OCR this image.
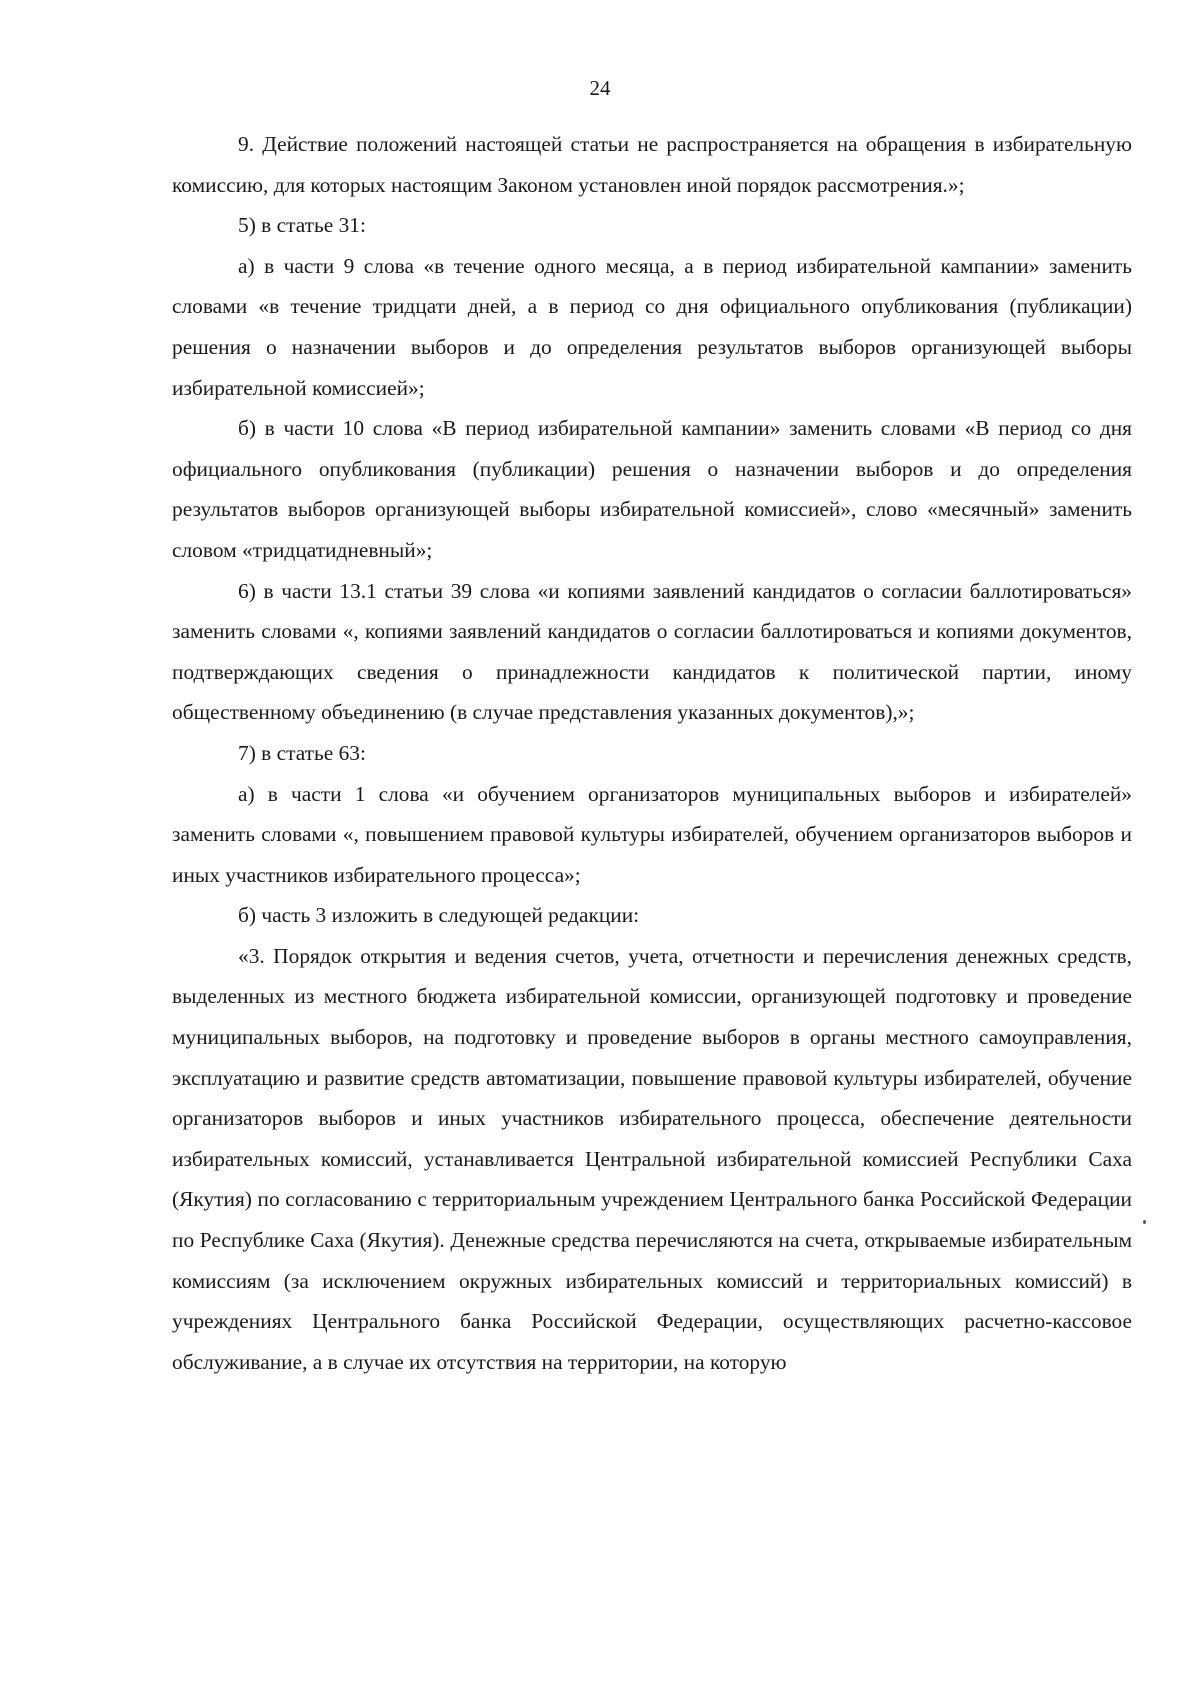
24

9. Действие положений настоящей статьи не распространяется на обращения в избирательную комиссию, для которых настоящим Законом установлен иной порядок рассмотрения.»;

5) в статье 31:

а) в части 9 слова «в течение одного месяца, а в период избирательной кампании» заменить словами «в течение тридцати дней, а в период со дня официального опубликования (публикации) решения о назначении выборов и до определения результатов выборов организующей выборы избирательной комиссией»;

б) в части 10 слова «В период избирательной кампании» заменить словами «В период со дня официального опубликования (публикации) решения о назначении выборов и до определения результатов выборов организующей выборы избирательной комиссией», слово «месячный» заменить словом «тридцатидневный»;

6) в части 13.1 статьи 39 слова «и копиями заявлений кандидатов о согласии баллотироваться» заменить словами «, копиями заявлений кандидатов о согласии баллотироваться и копиями документов, подтверждающих сведения о принадлежности кандидатов к политической партии, иному общественному объединению (в случае представления указанных документов),»;

7) в статье 63:

а) в части 1 слова «и обучением организаторов муниципальных выборов и избирателей» заменить словами «, повышением правовой культуры избирателей, обучением организаторов выборов и иных участников избирательного процесса»;

б) часть 3 изложить в следующей редакции:

«3. Порядок открытия и ведения счетов, учета, отчетности и перечисления денежных средств, выделенных из местного бюджета избирательной комиссии, организующей подготовку и проведение муниципальных выборов, на подготовку и проведение выборов в органы местного самоуправления, эксплуатацию и развитие средств автоматизации, повышение правовой культуры избирателей, обучение организаторов выборов и иных участников избирательного процесса, обеспечение деятельности избирательных комиссий, устанавливается Центральной избирательной комиссией Республики Саха (Якутия) по согласованию с территориальным учреждением Центрального банка Российской Федерации по Республике Саха (Якутия). Денежные средства перечисляются на счета, открываемые избирательным комиссиям (за исключением окружных избирательных комиссий и территориальных комиссий) в учреждениях Центрального банка Российской Федерации, осуществляющих расчетно-кассовое обслуживание, а в случае их отсутствия на территории, на которую
